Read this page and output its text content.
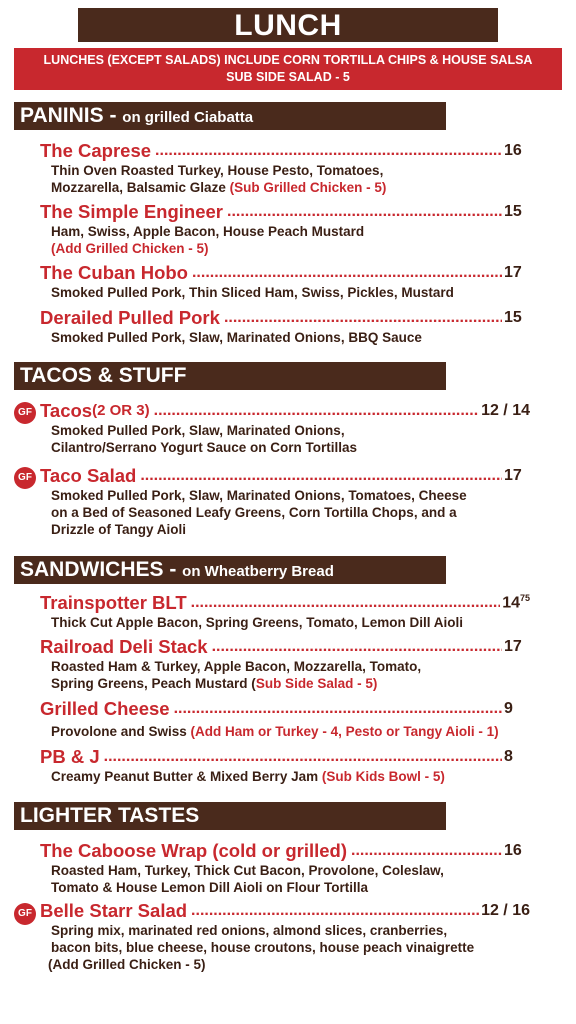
LUNCH
LUNCHES (EXCEPT SALADS) INCLUDE CORN TORTILLA CHIPS & HOUSE SALSA
SUB SIDE SALAD - 5
PANINIS - on grilled Ciabatta
The Caprese .....	16
Thin Oven Roasted Turkey, House Pesto, Tomatoes,
Mozzarella, Balsamic Glaze (Sub Grilled Chicken - 5)
The Simple Engineer .....	15
Ham, Swiss, Apple Bacon, House Peach Mustard
(Add Grilled Chicken - 5)
The Cuban Hobo .....	17
Smoked Pulled Pork, Thin Sliced Ham, Swiss, Pickles, Mustard
Derailed Pulled Pork .....	15
Smoked Pulled Pork, Slaw, Marinated Onions, BBQ Sauce
TACOS & STUFF
GF Tacos (2 OR 3) .....	12 / 14
Smoked Pulled Pork, Slaw, Marinated Onions,
Cilantro/Serrano Yogurt Sauce on Corn Tortillas
GF Taco Salad .....	17
Smoked Pulled Pork, Slaw, Marinated Onions, Tomatoes, Cheese
on a Bed of Seasoned Leafy Greens, Corn Tortilla Chops, and a
Drizzle of Tangy Aioli
SANDWICHES - on Wheatberry Bread
Trainspotter BLT .....	$14^{75}$
Thick Cut Apple Bacon, Spring Greens, Tomato, Lemon Dill Aioli
Railroad Deli Stack .....	17
Roasted Ham & Turkey, Apple Bacon, Mozzarella, Tomato,
Spring Greens, Peach Mustard (Sub Side Salad - 5)
Grilled Cheese .....	9
Provolone and Swiss (Add Ham or Turkey - 4, Pesto or Tangy Aioli - 1)
PB & J .....	8
Creamy Peanut Butter & Mixed Berry Jam (Sub Kids Bowl - 5)
LIGHTER TASTES
The Caboose Wrap (cold or grilled) .....	16
Roasted Ham, Turkey, Thick Cut Bacon, Provolone, Coleslaw,
Tomato & House Lemon Dill Aioli on Flour Tortilla
GF Belle Starr Salad .....	12 / 16
Spring mix, marinated red onions, almond slices, cranberries,
bacon bits, blue cheese, house croutons, house peach vinaigrette
(Add Grilled Chicken - 5)
